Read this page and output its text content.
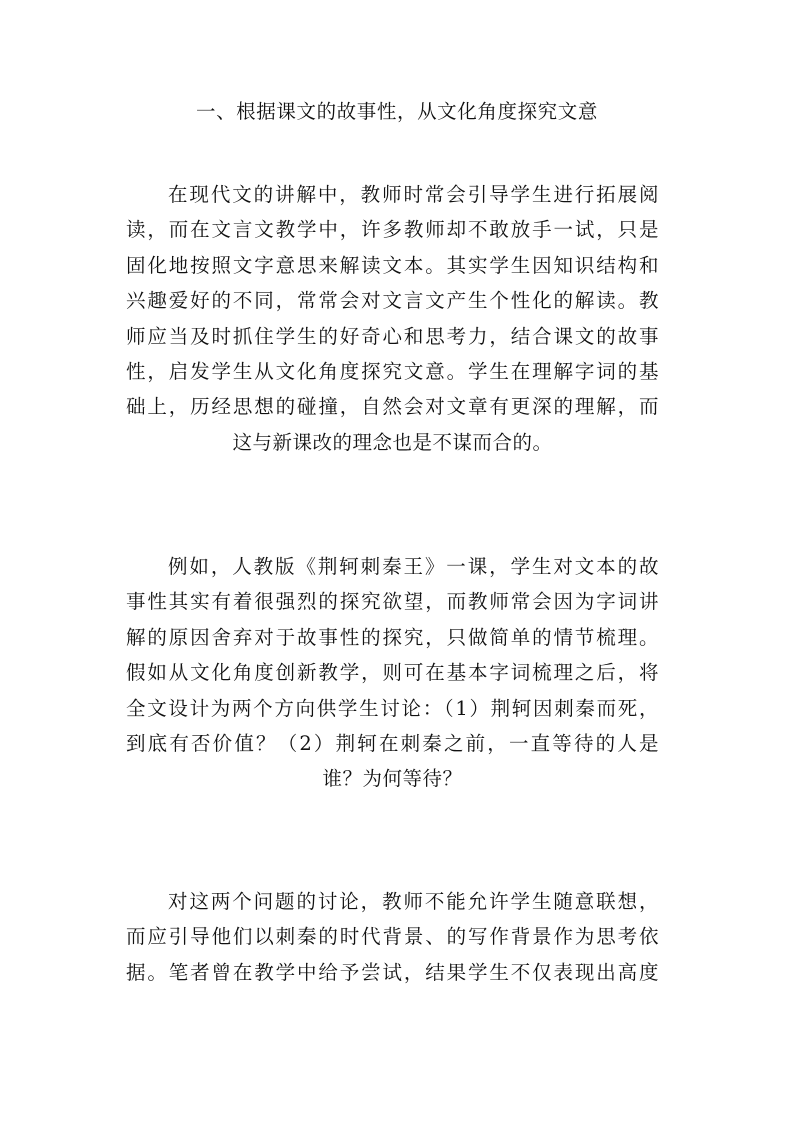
一、根据课文的故事性，从文化角度探究文意
在现代文的讲解中，教师时常会引导学生进行拓展阅
读，而在文言文教学中，许多教师却不敢放手一试，只是
固化地按照文字意思来解读文本。其实学生因知识结构和
兴趣爱好的不同，常常会对文言文产生个性化的解读。教
师应当及时抓住学生的好奇心和思考力，结合课文的故事
性，启发学生从文化角度探究文意。学生在理解字词的基
础上，历经思想的碰撞，自然会对文章有更深的理解，而
这与新课改的理念也是不谋而合的。
例如，人教版《荆轲刺秦王》一课，学生对文本的故
事性其实有着很强烈的探究欲望，而教师常会因为字词讲
解的原因舍弃对于故事性的探究，只做简单的情节梳理。
假如从文化角度创新教学，则可在基本字词梳理之后，将
全文设计为两个方向供学生讨论：（1）荆轲因刺秦而死，
到底有否价值？（2）荆轲在刺秦之前，一直等待的人是
谁？为何等待？
对这两个问题的讨论，教师不能允许学生随意联想，
而应引导他们以刺秦的时代背景、的写作背景作为思考依
据。笔者曾在教学中给予尝试，结果学生不仅表现出高度
